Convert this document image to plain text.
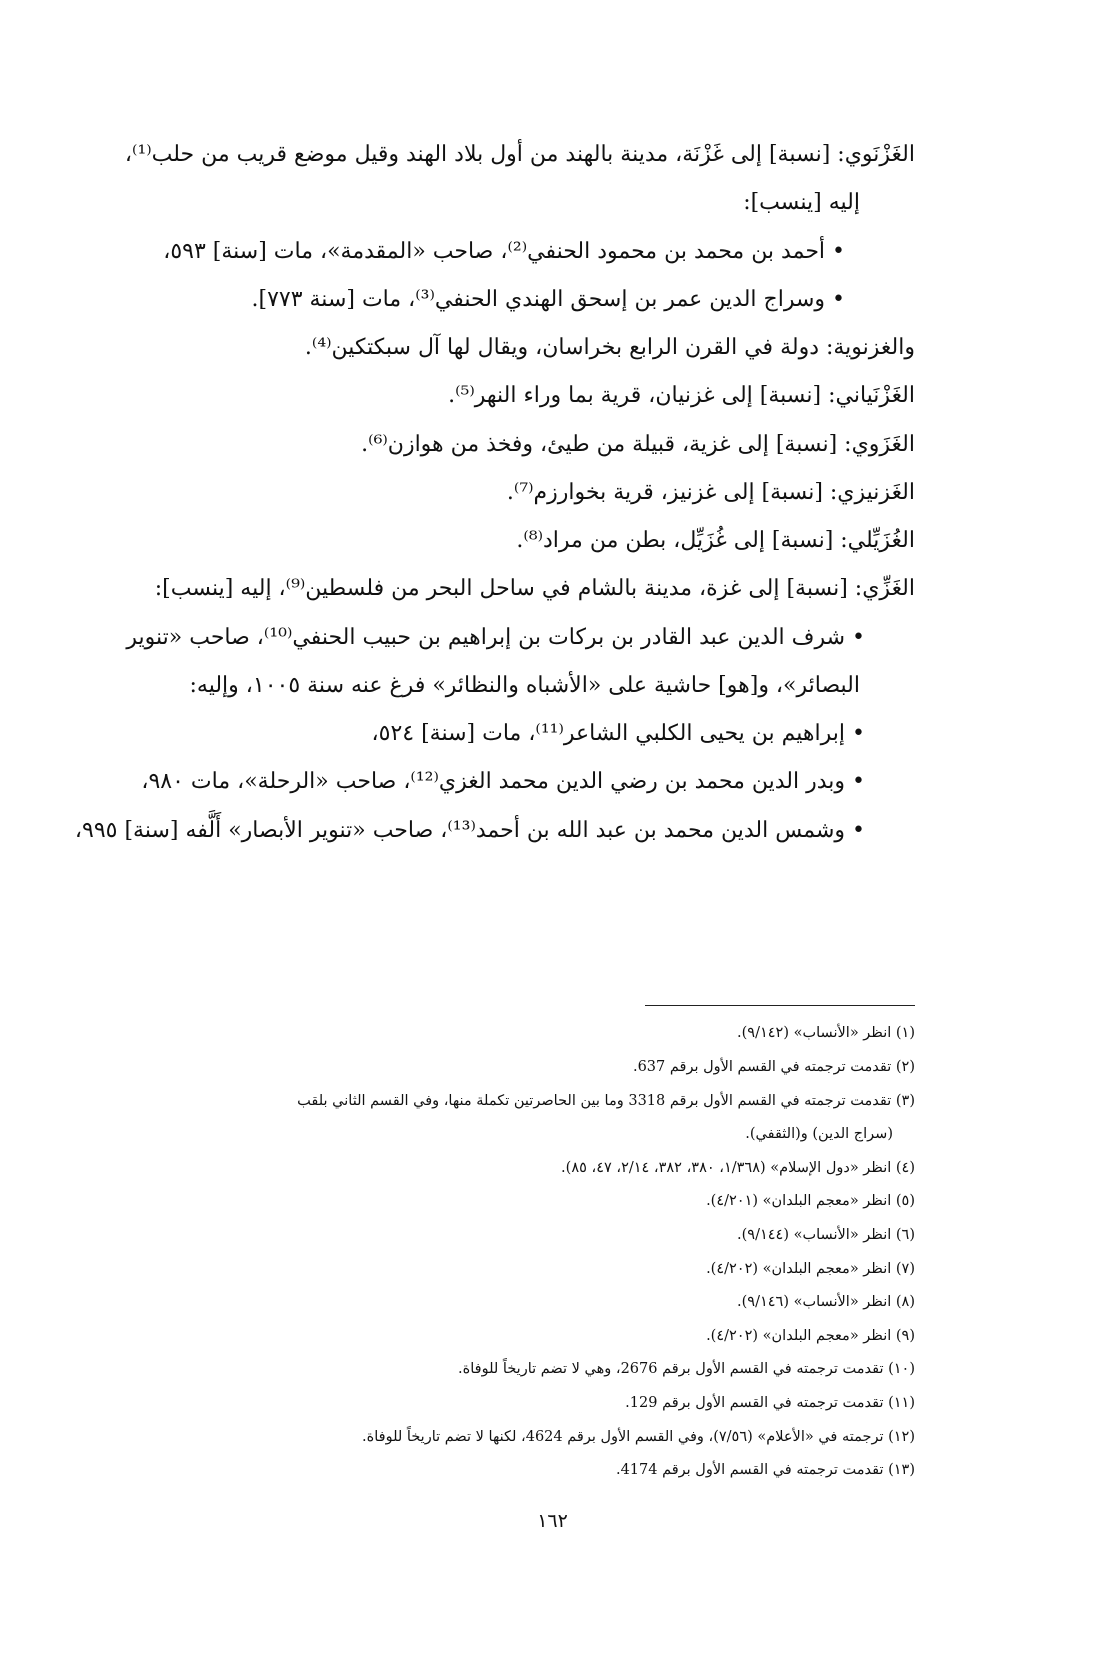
الغَزْنَوي: [نسبة] إلى غَزْنَة، مدينة بالهند من أول بلاد الهند وقيل موضع قريب من حلب⁽¹⁾،
إليه [ينسب]:
• أحمد بن محمد بن محمود الحنفي⁽²⁾، صاحب «المقدمة»، مات [سنة] ٥٩٣،
• وسراج الدين عمر بن إسحق الهندي الحنفي⁽³⁾، مات [سنة ٧٧٣].
والغزنوية: دولة في القرن الرابع بخراسان، ويقال لها آل سبكتكين⁽⁴⁾.
الغَزْنَياني: [نسبة] إلى غزنيان، قرية بما وراء النهر⁽⁵⁾.
الغَزَوي: [نسبة] إلى غزية، قبيلة من طيئ، وفخذ من هوازن⁽⁶⁾.
الغَزنيزي: [نسبة] إلى غزنيز، قرية بخوارزم⁽⁷⁾.
الغُزَيِّلي: [نسبة] إلى غُزَيِّل، بطن من مراد⁽⁸⁾.
الغَزِّي: [نسبة] إلى غزة، مدينة بالشام في ساحل البحر من فلسطين⁽⁹⁾، إليه [ينسب]:
• شرف الدين عبد القادر بن بركات بن إبراهيم بن حبيب الحنفي⁽¹⁰⁾، صاحب «تنوير
البصائر»، و[هو] حاشية على «الأشباه والنظائر» فرغ عنه سنة ١٠٠٥، وإليه:
• إبراهيم بن يحيى الكلبي الشاعر⁽¹¹⁾، مات [سنة] ٥٢٤،
• وبدر الدين محمد بن رضي الدين محمد الغزي⁽¹²⁾، صاحب «الرحلة»، مات ٩٨٠،
• وشمس الدين محمد بن عبد الله بن أحمد⁽¹³⁾، صاحب «تنوير الأبصار» أَلَّفه [سنة] ٩٩٥،
(١) انظر «الأنساب» (٩/١٤٢).
(٢) تقدمت ترجمته في القسم الأول برقم 637.
(٣) تقدمت ترجمته في القسم الأول برقم 3318 وما بين الحاصرتين تكملة منها، وفي القسم الثاني بلقب
(سراج الدين) و(الثقفي).
(٤) انظر «دول الإسلام» (١/٣٦٨، ٣٨٠، ٣٨٢، ٢/١٤، ٤٧، ٨٥).
(٥) انظر «معجم البلدان» (٤/٢٠١).
(٦) انظر «الأنساب» (٩/١٤٤).
(٧) انظر «معجم البلدان» (٤/٢٠٢).
(٨) انظر «الأنساب» (٩/١٤٦).
(٩) انظر «معجم البلدان» (٤/٢٠٢).
(١٠) تقدمت ترجمته في القسم الأول برقم 2676، وهي لا تضم تاريخاً للوفاة.
(١١) تقدمت ترجمته في القسم الأول برقم 129.
(١٢) ترجمته في «الأعلام» (٧/٥٦)، وفي القسم الأول برقم 4624، لكنها لا تضم تاريخاً للوفاة.
(١٣) تقدمت ترجمته في القسم الأول برقم 4174.
١٦٢
